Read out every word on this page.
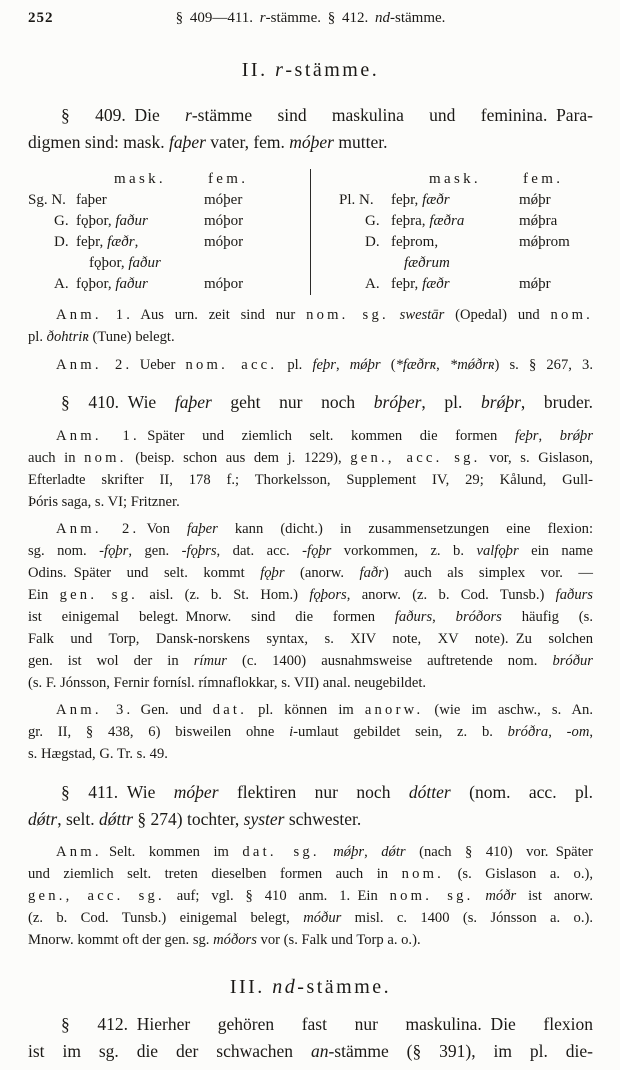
252	§ 409—411. r-stämme. § 412. nd-stämme.
II. r-stämme.
§ 409. Die r-stämme sind maskulina und feminina. Para-
digmen sind: mask. faþer vater, fem. móþer mutter.
mask.	fem.
Sg. N. faþer	móþer
G. fǫþor, faður	móþor
D. feþr, fæðr,	móþor
fǫþor, faður
A. fǫþor, faður	móþor
mask.	fem.
Pl. N.	feþr, fæðr	mǿþr
G. feþra, fæðra	mǿþra
D. feþrom,	mǿþrom
fæðrum
A. feþr, fæðr	mǿþr
Anm. 1. Aus urn. zeit sind nur nom. sg. swestār (Opedal) und nom.
pl. ðohtriʀ (Tune) belegt.
Anm. 2. Ueber nom. acc. pl. feþr, mǿþr (*fæðrʀ, *mǿðrʀ) s. § 267, 3.
§ 410. Wie faþer geht nur noch bróþer, pl. brǿþr, bruder.
Anm. 1. Später und ziemlich selt. kommen die formen feþr, brǿþr
auch in nom. (beisp. schon aus dem j. 1229), gen., acc. sg. vor, s. Gislason,
Efterladte skrifter II, 178 f.; Thorkelsson, Supplement IV, 29; Kålund, Gull-
Þóris saga, s. VI; Fritzner.
Anm. 2. Von faþer kann (dicht.) in zusammensetzungen eine flexion:
sg. nom. -fǫþr, gen. -fǫþrs, dat. acc. -fǫþr vorkommen, z. b. valfǫþr ein name
Odins. Später und selt. kommt fǫþr (anorw. faðr) auch als simplex vor. —
Ein gen. sg. aisl. (z. b. St. Hom.) fǫþors, anorw. (z. b. Cod. Tunsb.) faðurs
ist einigemal belegt. Mnorw. sind die formen faðurs, bróðors häufig (s.
Falk und Torp, Dansk-norskens syntax, s. XIV note, XV note). Zu solchen
gen. ist wol der in rímur (c. 1400) ausnahmsweise auftretende nom. bróður
(s. F. Jónsson, Fernir fornísl. rímnaflokkar, s. VII) anal. neugebildet.
Anm. 3. Gen. und dat. pl. können im anorw. (wie im aschw., s. An.
gr. II, § 438, 6) bisweilen ohne i-umlaut gebildet sein, z. b. bróðra, -om,
s. Hægstad, G. Tr. s. 49.
§ 411. Wie móþer flektiren nur noch dótter (nom. acc. pl.
dǿtr, selt. dǿttr § 274) tochter, syster schwester.
Anm. Selt. kommen im dat. sg. mǿþr, dǿtr (nach § 410) vor. Später
und ziemlich selt. treten dieselben formen auch in nom. (s. Gislason a. o.),
gen., acc. sg. auf; vgl. § 410 anm. 1. Ein nom. sg. móðr ist anorw.
(z. b. Cod. Tunsb.) einigemal belegt, móður misl. c. 1400 (s. Jónsson a. o.).
Mnorw. kommt oft der gen. sg. móðors vor (s. Falk und Torp a. o.).
III. nd-stämme.
§ 412. Hierher gehören fast nur maskulina. Die flexion
ist im sg. die der schwachen an-stämme (§ 391), im pl. die-
